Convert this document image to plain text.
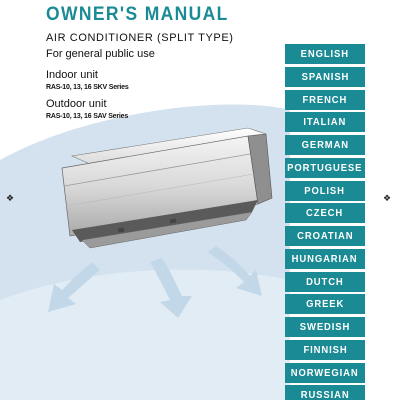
OWNER'S MANUAL
AIR CONDITIONER (SPLIT TYPE)
For general public use
Indoor unit
RAS-10, 13, 16 SKV Series
Outdoor unit
RAS-10, 13, 16 SAV Series
ENGLISH
SPANISH
FRENCH
ITALIAN
GERMAN
PORTUGUESE
POLISH
CZECH
CROATIAN
HUNGARIAN
DUTCH
GREEK
SWEDISH
FINNISH
NORWEGIAN
RUSSIAN
❖	❖
